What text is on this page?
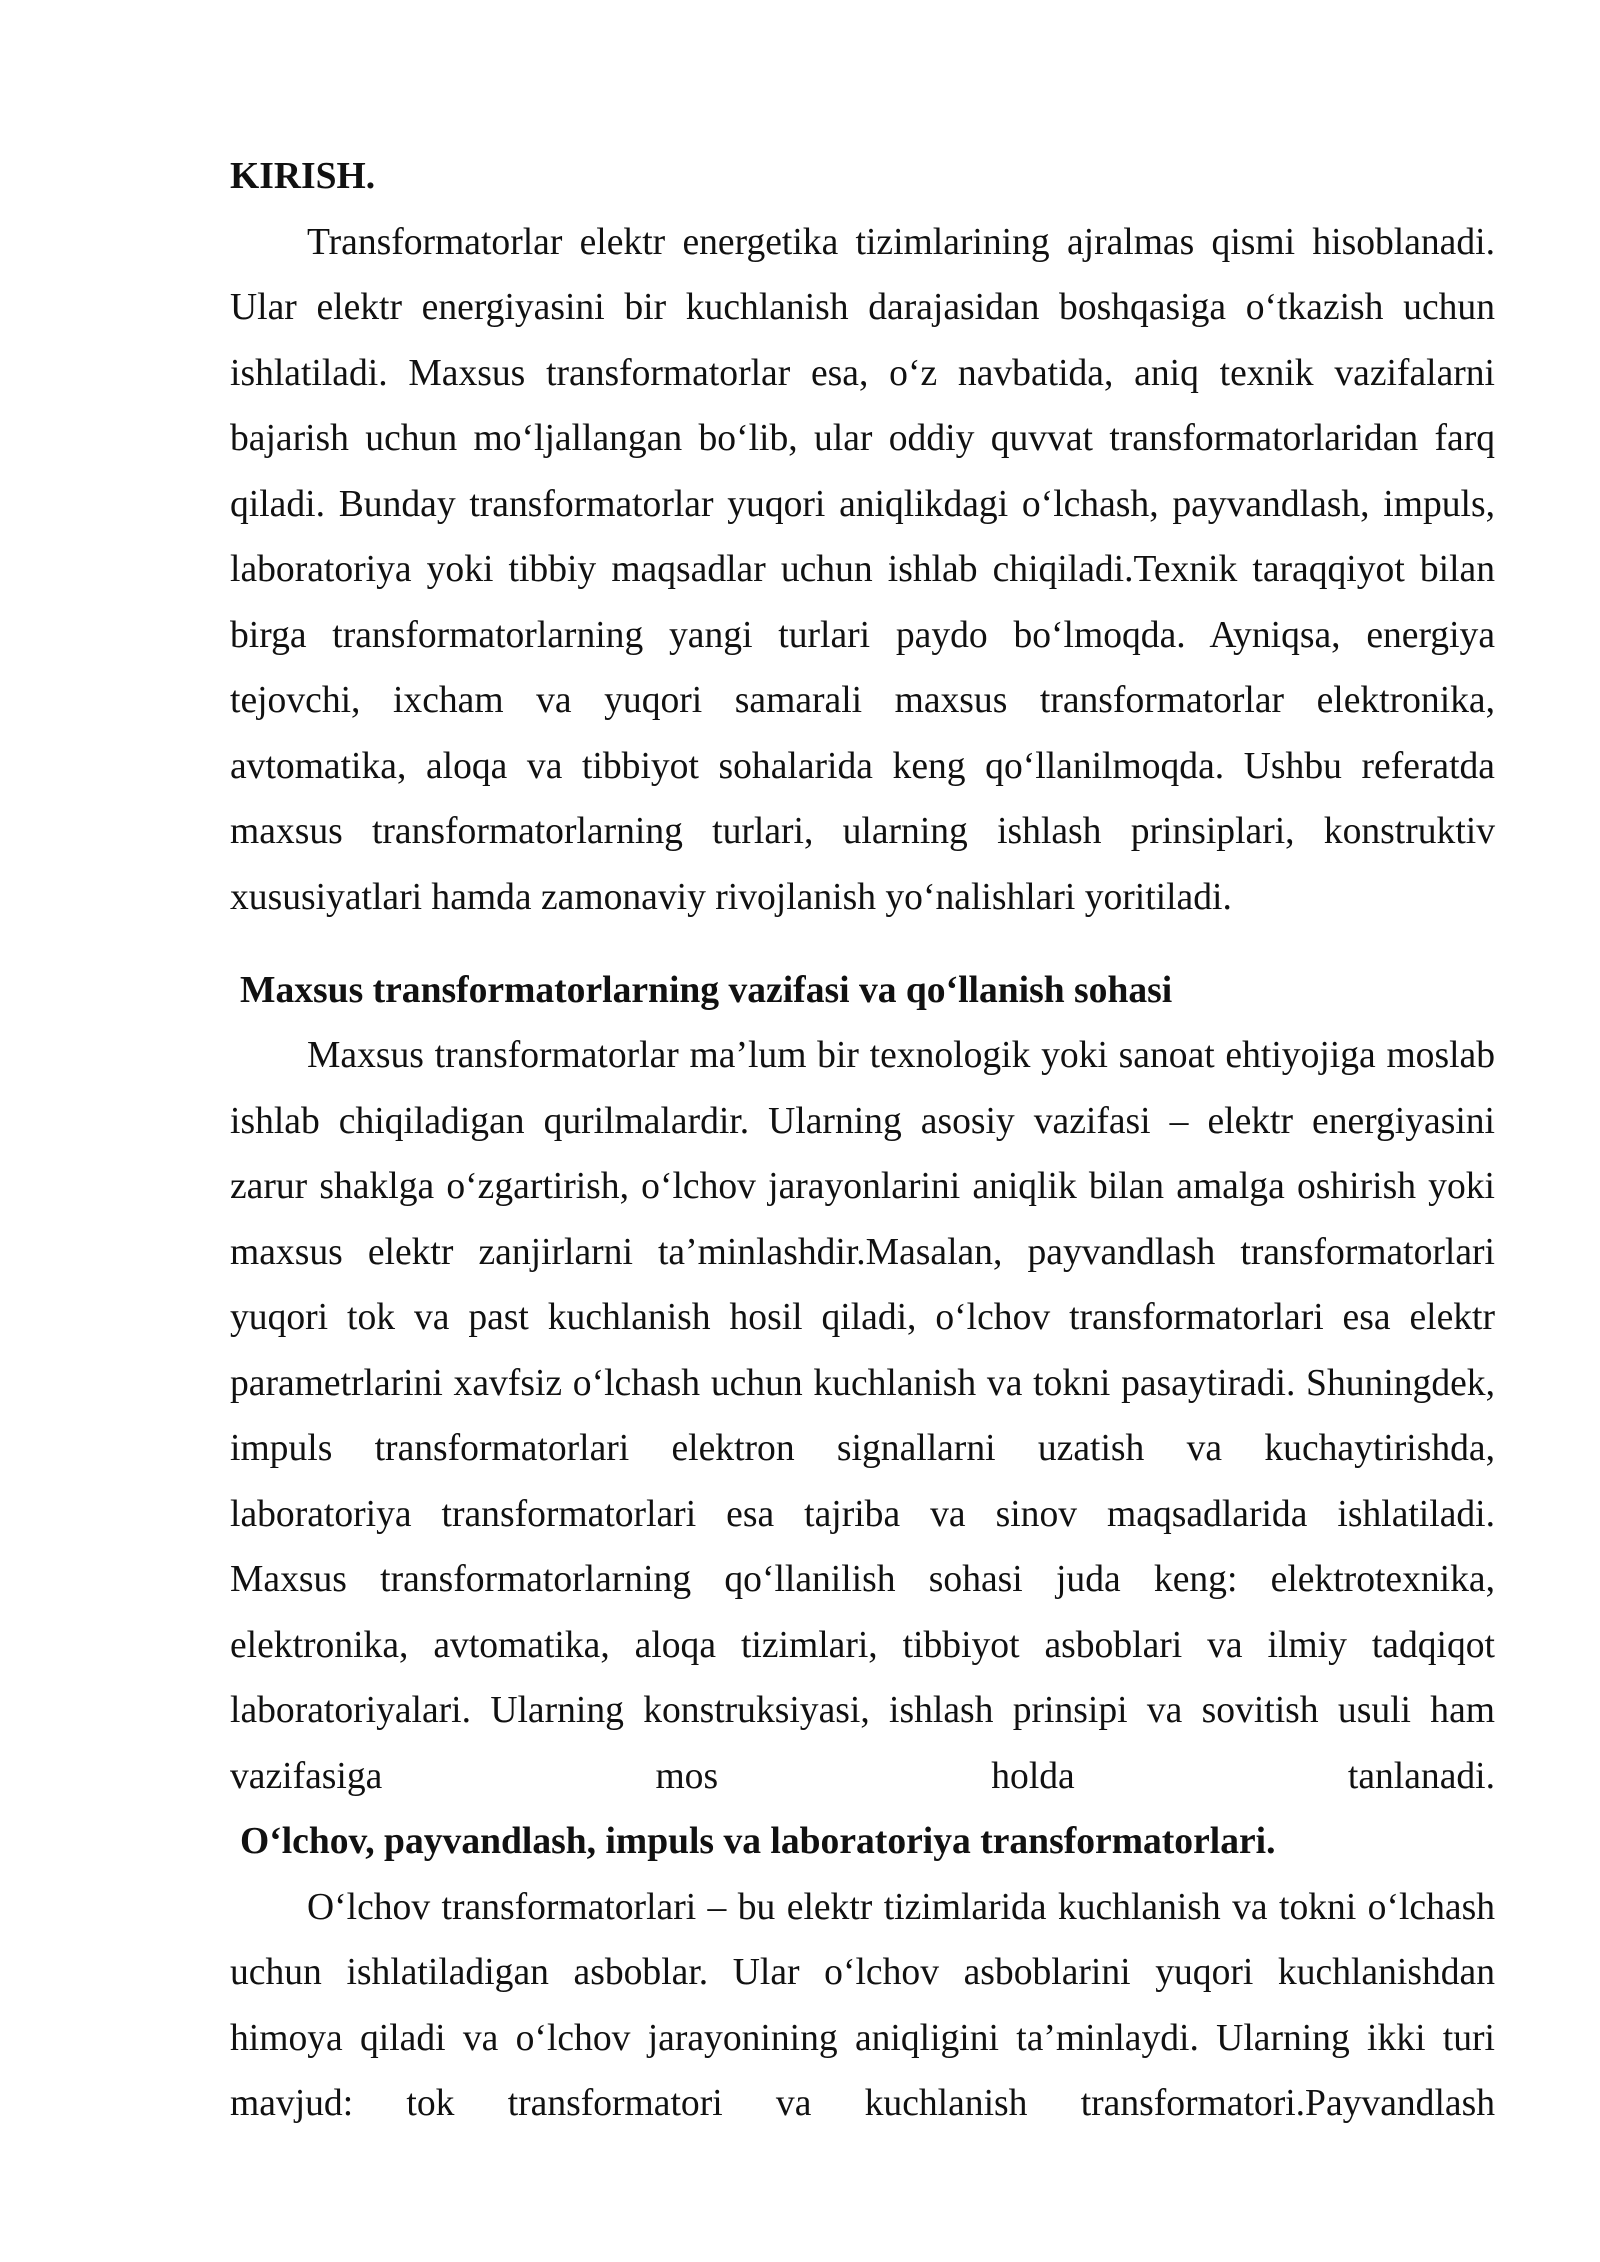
KIRISH.
Transformatorlar elektr energetika tizimlarining ajralmas qismi hisoblanadi.
Ular elektr energiyasini bir kuchlanish darajasidan boshqasiga o‘tkazish uchun
ishlatiladi. Maxsus transformatorlar esa, o‘z navbatida, aniq texnik vazifalarni
bajarish uchun mo‘ljallangan bo‘lib, ular oddiy quvvat transformatorlaridan farq
qiladi. Bunday transformatorlar yuqori aniqlikdagi o‘lchash, payvandlash, impuls,
laboratoriya yoki tibbiy maqsadlar uchun ishlab chiqiladi.Texnik taraqqiyot bilan
birga transformatorlarning yangi turlari paydo bo‘lmoqda. Ayniqsa, energiya
tejovchi, ixcham va yuqori samarali maxsus transformatorlar elektronika,
avtomatika, aloqa va tibbiyot sohalarida keng qo‘llanilmoqda. Ushbu referatda
maxsus transformatorlarning turlari, ularning ishlash prinsiplari, konstruktiv
xususiyatlari hamda zamonaviy rivojlanish yo‘nalishlari yoritiladi.
Maxsus transformatorlarning vazifasi va qo‘llanish sohasi
Maxsus transformatorlar ma’lum bir texnologik yoki sanoat ehtiyojiga moslab
ishlab chiqiladigan qurilmalardir. Ularning asosiy vazifasi – elektr energiyasini
zarur shaklga o‘zgartirish, o‘lchov jarayonlarini aniqlik bilan amalga oshirish yoki
maxsus elektr zanjirlarni ta’minlashdir.Masalan, payvandlash transformatorlari
yuqori tok va past kuchlanish hosil qiladi, o‘lchov transformatorlari esa elektr
parametrlarini xavfsiz o‘lchash uchun kuchlanish va tokni pasaytiradi. Shuningdek,
impuls transformatorlari elektron signallarni uzatish va kuchaytirishda,
laboratoriya transformatorlari esa tajriba va sinov maqsadlarida ishlatiladi.
Maxsus transformatorlarning qo‘llanilish sohasi juda keng: elektrotexnika,
elektronika, avtomatika, aloqa tizimlari, tibbiyot asboblari va ilmiy tadqiqot
laboratoriyalari. Ularning konstruksiyasi, ishlash prinsipi va sovitish usuli ham
vazifasiga mos holda tanlanadi.
O‘lchov, payvandlash, impuls va laboratoriya transformatorlari.
O‘lchov transformatorlari – bu elektr tizimlarida kuchlanish va tokni o‘lchash
uchun ishlatiladigan asboblar. Ular o‘lchov asboblarini yuqori kuchlanishdan
himoya qiladi va o‘lchov jarayonining aniqligini ta’minlaydi. Ularning ikki turi
mavjud: tok transformatori va kuchlanish transformatori.Payvandlash
